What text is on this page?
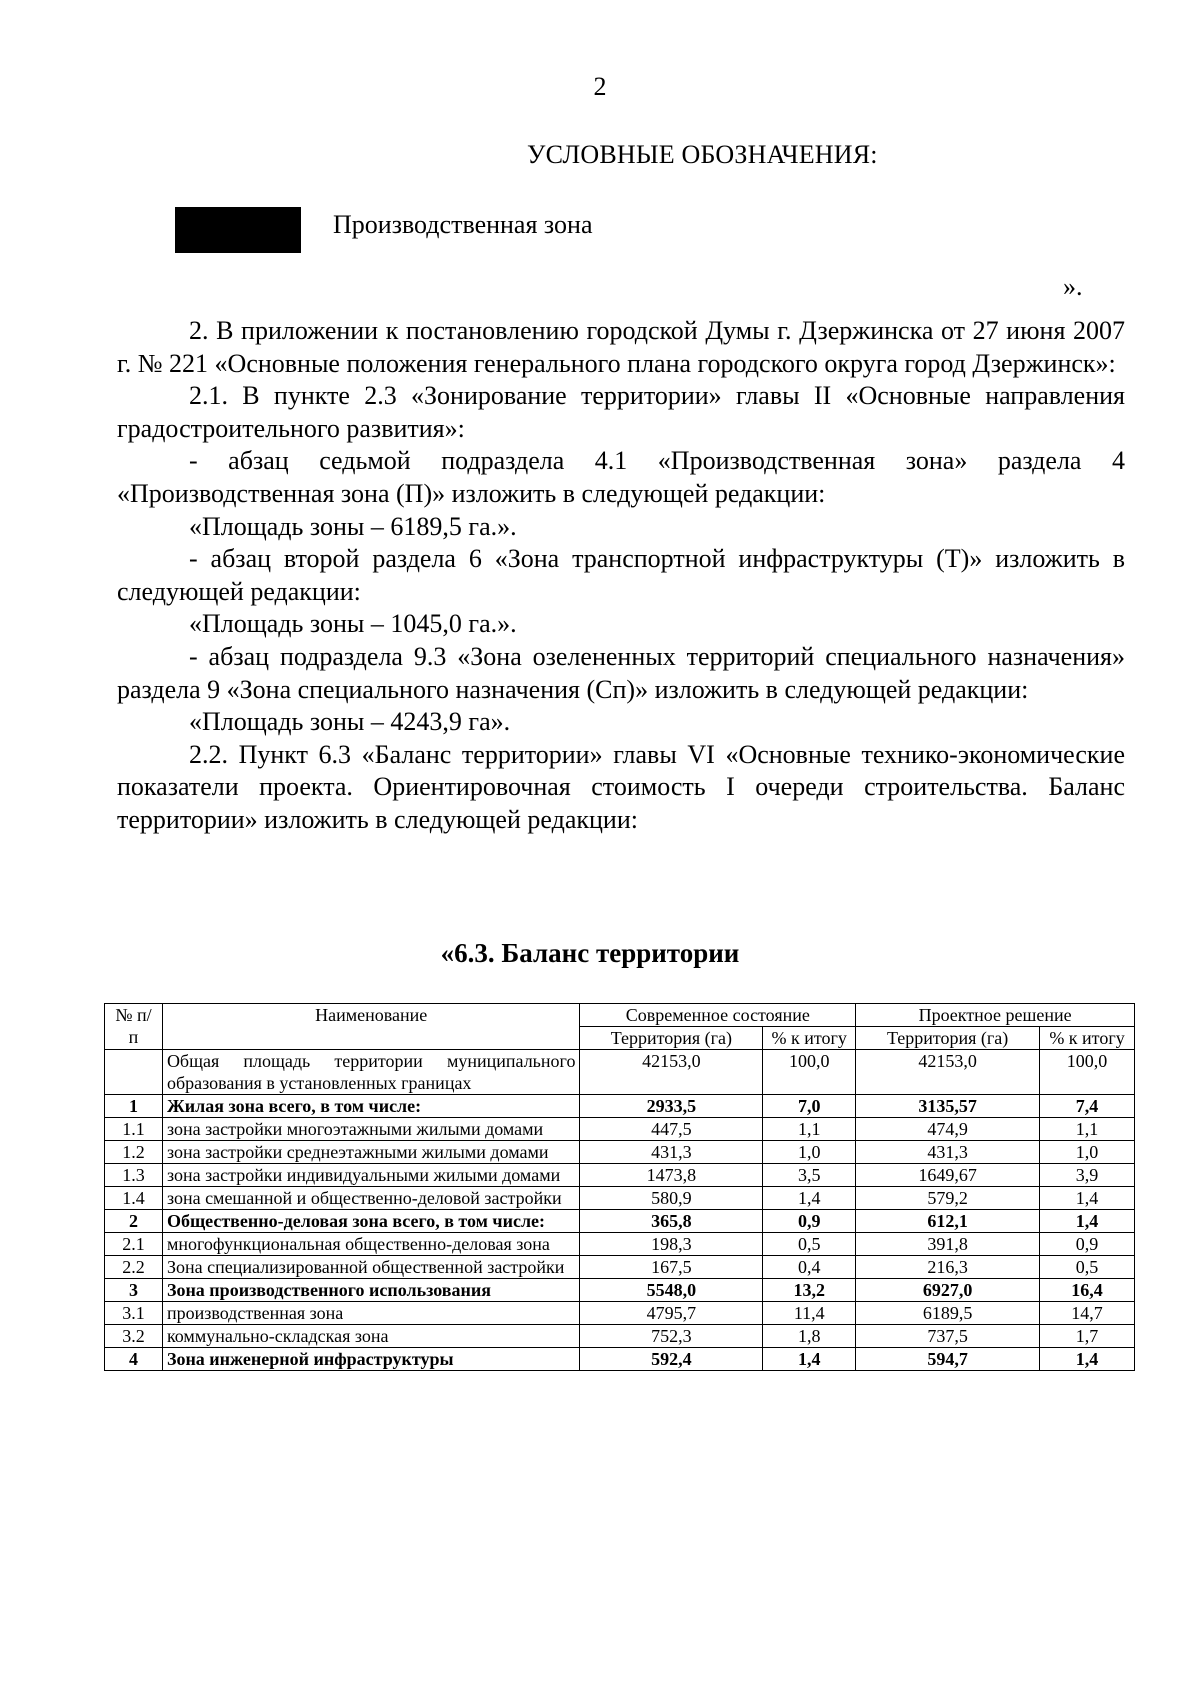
2
УСЛОВНЫЕ ОБОЗНАЧЕНИЯ:
Производственная зона
».

2. В приложении к постановлению городской Думы г. Дзержинска от 27 июня 2007 г. № 221 «Основные положения генерального плана городского округа город Дзержинск»:

2.1. В пункте 2.3 «Зонирование территории» главы II «Основные направления градостроительного развития»:

- абзац седьмой подраздела 4.1 «Производственная зона» раздела 4 «Производственная зона (П)» изложить в следующей редакции:

«Площадь зоны – 6189,5 га.».

- абзац второй раздела 6 «Зона транспортной инфраструктуры (Т)» изложить в следующей редакции:

«Площадь зоны – 1045,0 га.».

- абзац подраздела 9.3 «Зона озелененных территорий специального назначения» раздела 9 «Зона специального назначения (Сп)» изложить в следующей редакции:

«Площадь зоны – 4243,9 га».

2.2. Пункт 6.3 «Баланс территории» главы VI «Основные технико-экономические показатели проекта. Ориентировочная стоимость I очереди строительства. Баланс территории» изложить в следующей редакции:

«6.3. Баланс территории
№ п/ п	Наименование	Современное состояние		Проектное решение	
		Территория (га)	% к итогу	Территория (га)	% к итогу
	Общая площадь территории муниципального образования в установленных границах	42153,0	100,0	42153,0	100,0
1	Жилая зона всего, в том числе:	2933,5	7,0	3135,57	7,4
1.1	зона застройки многоэтажными жилыми домами	447,5	1,1	474,9	1,1
1.2	зона застройки среднеэтажными жилыми домами	431,3	1,0	431,3	1,0
1.3	зона застройки индивидуальными жилыми домами	1473,8	3,5	1649,67	3,9
1.4	зона смешанной и общественно-деловой застройки	580,9	1,4	579,2	1,4
2	Общественно-деловая зона всего, в том числе:	365,8	0,9	612,1	1,4
2.1	многофункциональная общественно-деловая зона	198,3	0,5	391,8	0,9
2.2	Зона специализированной общественной застройки	167,5	0,4	216,3	0,5
3	Зона производственного использования	5548,0	13,2	6927,0	16,4
3.1	производственная зона	4795,7	11,4	6189,5	14,7
3.2	коммунально-складская зона	752,3	1,8	737,5	1,7
4	Зона инженерной инфраструктуры	592,4	1,4	594,7	1,4
